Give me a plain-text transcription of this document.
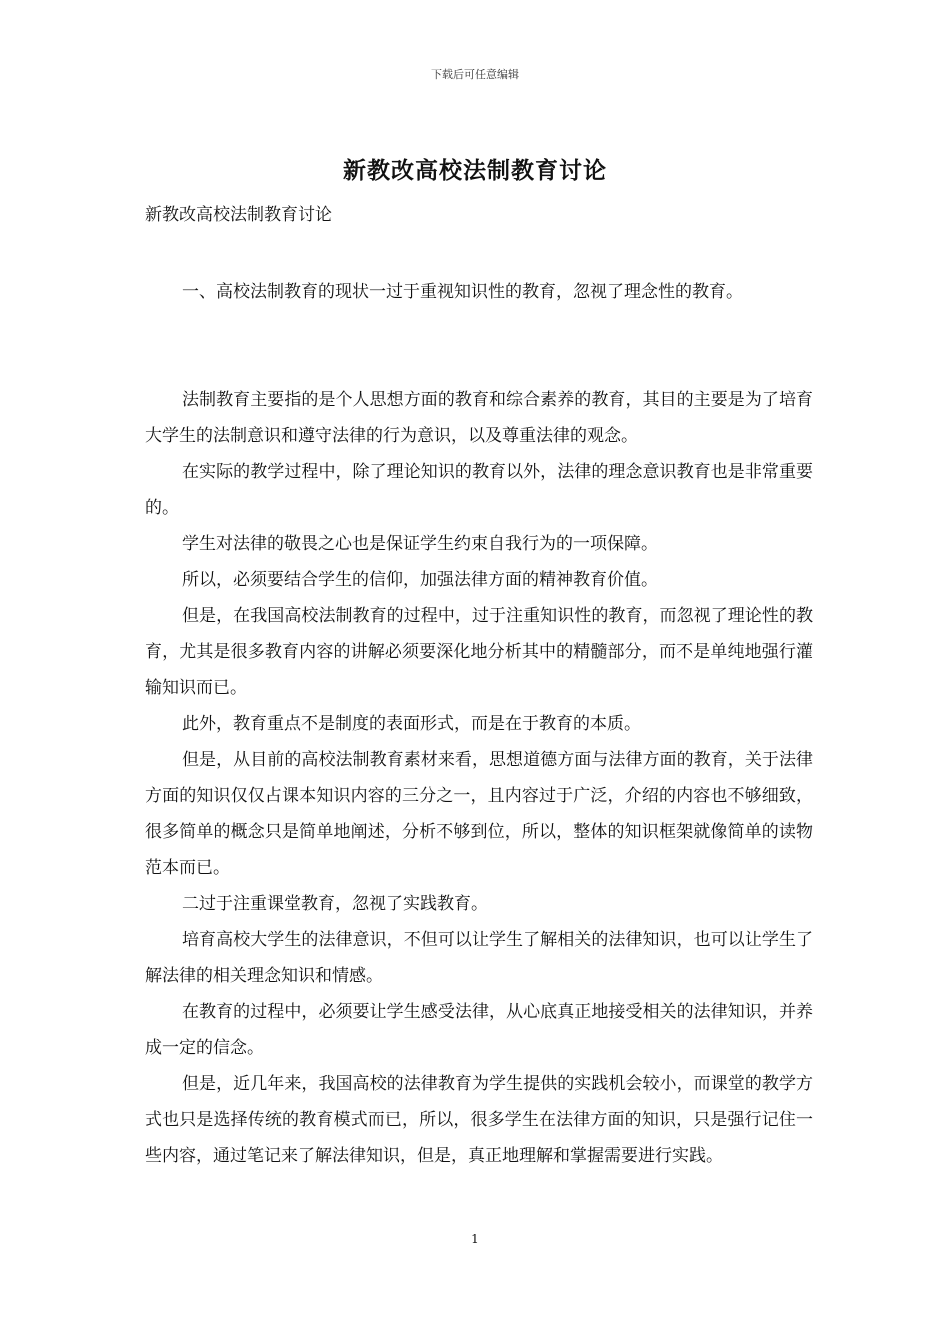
下载后可任意编辑
新教改高校法制教育讨论

新教改高校法制教育讨论

一、高校法制教育的现状一过于重视知识性的教育，忽视了理念性的教育。

法制教育主要指的是个人思想方面的教育和综合素养的教育，其目的主要是为了培育大学生的法制意识和遵守法律的行为意识，以及尊重法律的观念。

在实际的教学过程中，除了理论知识的教育以外，法律的理念意识教育也是非常重要的。

学生对法律的敬畏之心也是保证学生约束自我行为的一项保障。

所以，必须要结合学生的信仰，加强法律方面的精神教育价值。

但是，在我国高校法制教育的过程中，过于注重知识性的教育，而忽视了理论性的教育，尤其是很多教育内容的讲解必须要深化地分析其中的精髓部分，而不是单纯地强行灌输知识而已。

此外，教育重点不是制度的表面形式，而是在于教育的本质。

但是，从目前的高校法制教育素材来看，思想道德方面与法律方面的教育，关于法律方面的知识仅仅占课本知识内容的三分之一，且内容过于广泛，介绍的内容也不够细致，很多简单的概念只是简单地阐述，分析不够到位，所以，整体的知识框架就像简单的读物范本而已。

二过于注重课堂教育，忽视了实践教育。

培育高校大学生的法律意识，不但可以让学生了解相关的法律知识，也可以让学生了解法律的相关理念知识和情感。

在教育的过程中，必须要让学生感受法律，从心底真正地接受相关的法律知识，并养成一定的信念。

但是，近几年来，我国高校的法律教育为学生提供的实践机会较小，而课堂的教学方式也只是选择传统的教育模式而已，所以，很多学生在法律方面的知识，只是强行记住一些内容，通过笔记来了解法律知识，但是，真正地理解和掌握需要进行实践。

1
